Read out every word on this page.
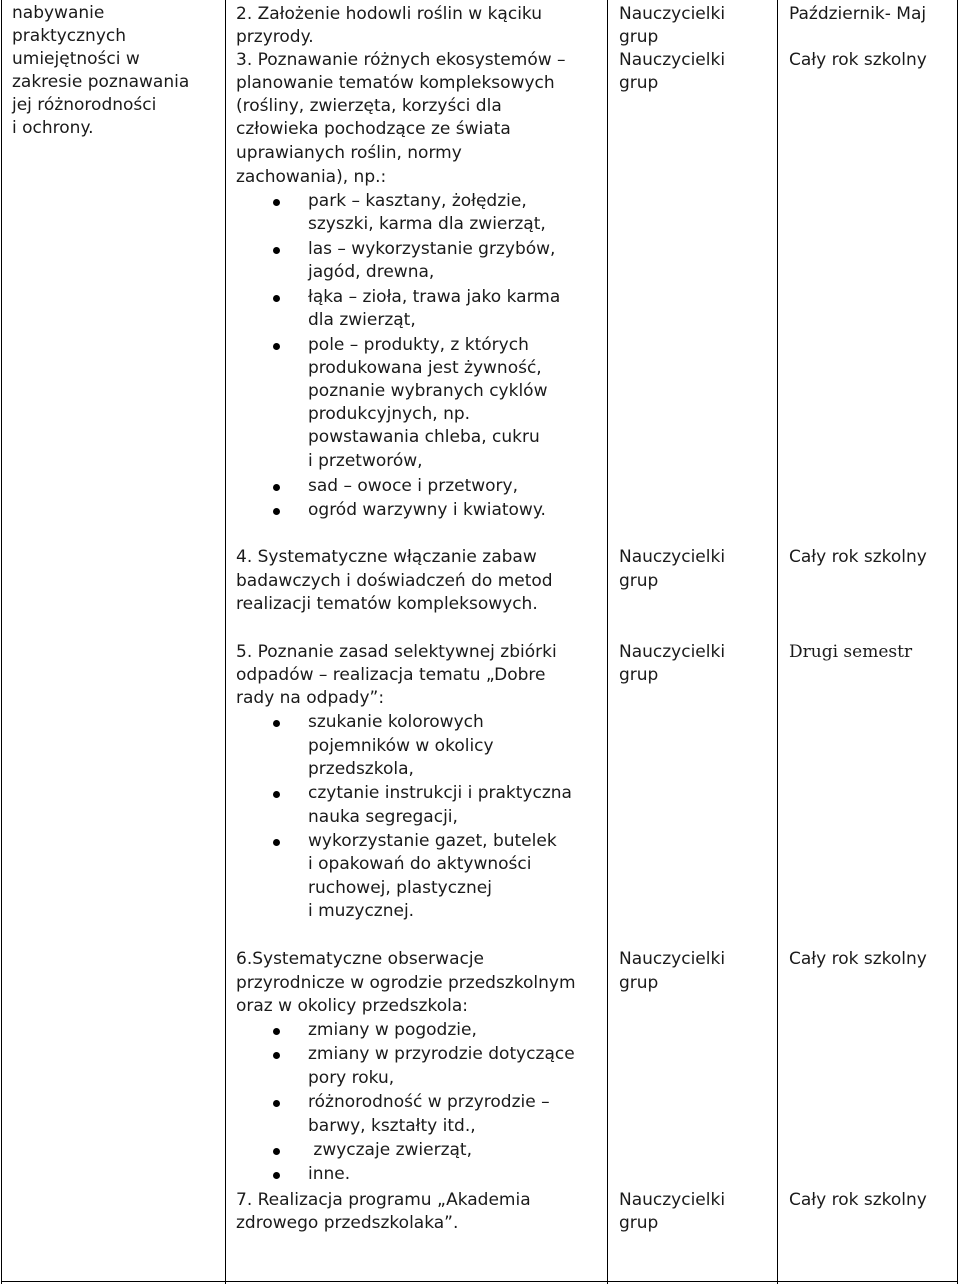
nabywanie
praktycznych
umiejętności w
zakresie poznawania
jej różnorodności
i ochrony.
2. Założenie hodowli roślin w kąciku
przyrody.
Nauczycielki
grup
Październik- Maj
3. Poznawanie różnych ekosystemów –
planowanie tematów kompleksowych
(rośliny, zwierzęta, korzyści dla
człowieka pochodzące ze świata
uprawianych roślin, normy
zachowania), np.:
park – kasztany, żołędzie,
szyszki, karma dla zwierząt,
las – wykorzystanie grzybów,
jagód, drewna,
łąka – zioła, trawa jako karma
dla zwierząt,
pole – produkty, z których
produkowana jest żywność,
poznanie wybranych cyklów
produkcyjnych, np.
powstawania chleba, cukru
i przetworów,
sad – owoce i przetwory,
ogród warzywny i kwiatowy.
Nauczycielki
grup
Cały rok szkolny
4. Systematyczne włączanie zabaw
badawczych i doświadczeń do metod
realizacji tematów kompleksowych.
Nauczycielki
grup
Cały rok szkolny
5. Poznanie zasad selektywnej zbiórki
odpadów – realizacja tematu „Dobre
rady na odpady”:
szukanie kolorowych
pojemników w okolicy
przedszkola,
czytanie instrukcji i praktyczna
nauka segregacji,
wykorzystanie gazet, butelek
i opakowań do aktywności
ruchowej, plastycznej
i muzycznej.
Nauczycielki
grup
Drugi semestr
6.Systematyczne obserwacje
przyrodnicze w ogrodzie przedszkolnym
oraz w okolicy przedszkola:
zmiany w pogodzie,
zmiany w przyrodzie dotyczące
pory roku,
różnorodność w przyrodzie –
barwy, kształty itd.,
zwyczaje zwierząt,
inne.
Nauczycielki
grup
Cały rok szkolny
7. Realizacja programu „Akademia
zdrowego przedszkolaka”.
Nauczycielki
grup
Cały rok szkolny
